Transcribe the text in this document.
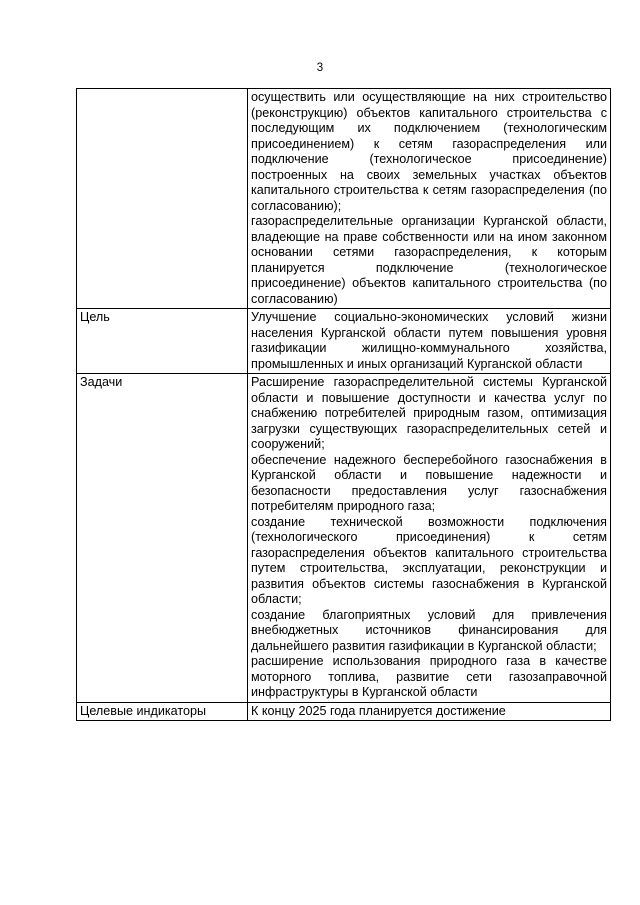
3

	осуществить или осуществляющие на них строительство (реконструкцию) объектов капитального строительства с последующим их подключением (технологическим присоединением) к сетям газораспределения или подключение (технологическое присоединение) построенных на своих земельных участках объектов капитального строительства к сетям газораспределения (по согласованию);

газораспределительные организации Курганской области, владеющие на праве собственности или на ином законном основании сетями газораспределения, к которым планируется подключение (технологическое присоединение) объектов капитального строительства (по согласованию)

Цель	Улучшение социально-экономических условий жизни населения Курганской области путем повышения уровня газификации жилищно-коммунального хозяйства, промышленных и иных организаций Курганской области

Задачи	Расширение газораспределительной системы Курганской области и повышение доступности и качества услуг по снабжению потребителей природным газом, оптимизация загрузки существующих газораспределительных сетей и сооружений;

обеспечение надежного бесперебойного газоснабжения в Курганской области и повышение надежности и безопасности предоставления услуг газоснабжения потребителям природного газа;

создание технической возможности подключения (технологического присоединения) к сетям газораспределения объектов капитального строительства путем строительства, эксплуатации, реконструкции и развития объектов системы газоснабжения в Курганской области;

создание благоприятных условий для привлечения внебюджетных источников финансирования для дальнейшего развития газификации в Курганской области;

расширение использования природного газа в качестве моторного топлива, развитие сети газозаправочной инфраструктуры в Курганской области

Целевые индикаторы	К концу 2025 года планируется достижение
